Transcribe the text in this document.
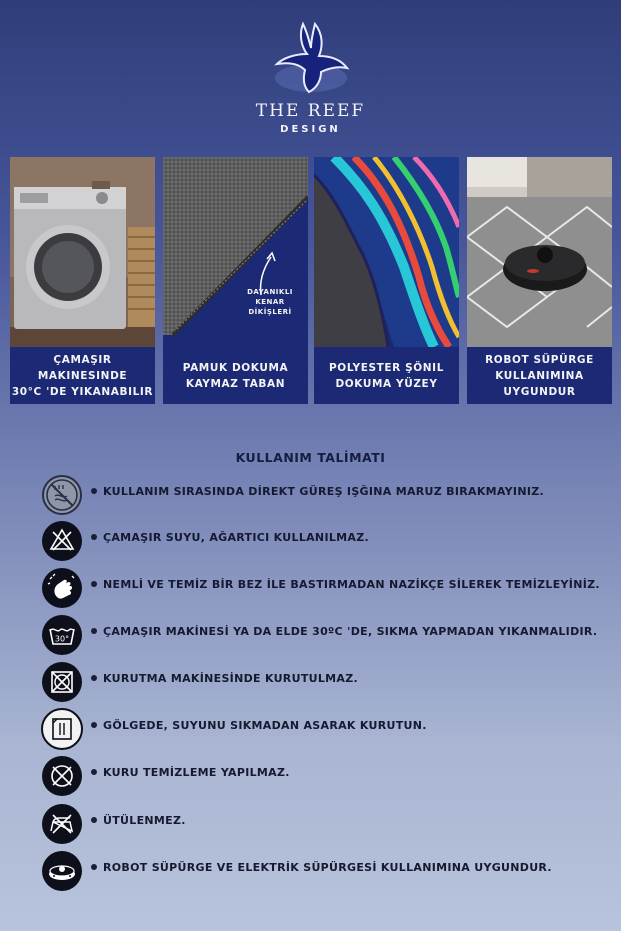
THE REEF
DESIGN
ÇAMAŞIR MAKINESINDE
30°C 'DE YIKANABILIR
DAYANIKLI
KENAR DİKİŞLERİ
PAMUK DOKUMA
KAYMAZ TABAN
POLYESTER ŞÖNIL
DOKUMA YÜZEY
ROBOT SÜPÜRGE
KULLANIMINA UYGUNDUR
KULLANIM TALİMATI
KULLANIM SIRASINDA DİREKT GÜREŞ IŞĞINA MARUZ BIRAKMAYINIZ.
ÇAMAŞIR SUYU, AĞARTICI KULLANILMAZ.
NEMLİ VE TEMİZ BİR BEZ İLE BASTIRMADAN NAZİKÇE SİLEREK TEMİZLEYİNİZ.
30°
ÇAMAŞIR MAKİNESİ YA DA ELDE 30ºC 'DE, SIKMA YAPMADAN YIKANMALIDIR.
KURUTMA MAKİNESİNDE KURUTULMAZ.
GÖLGEDE, SUYUNU SIKMADAN ASARAK KURUTUN.
KURU TEMİZLEME YAPILMAZ.
ÜTÜLENMEZ.
ROBOT SÜPÜRGE VE ELEKTRİK SÜPÜRGESİ KULLANIMINA UYGUNDUR.
